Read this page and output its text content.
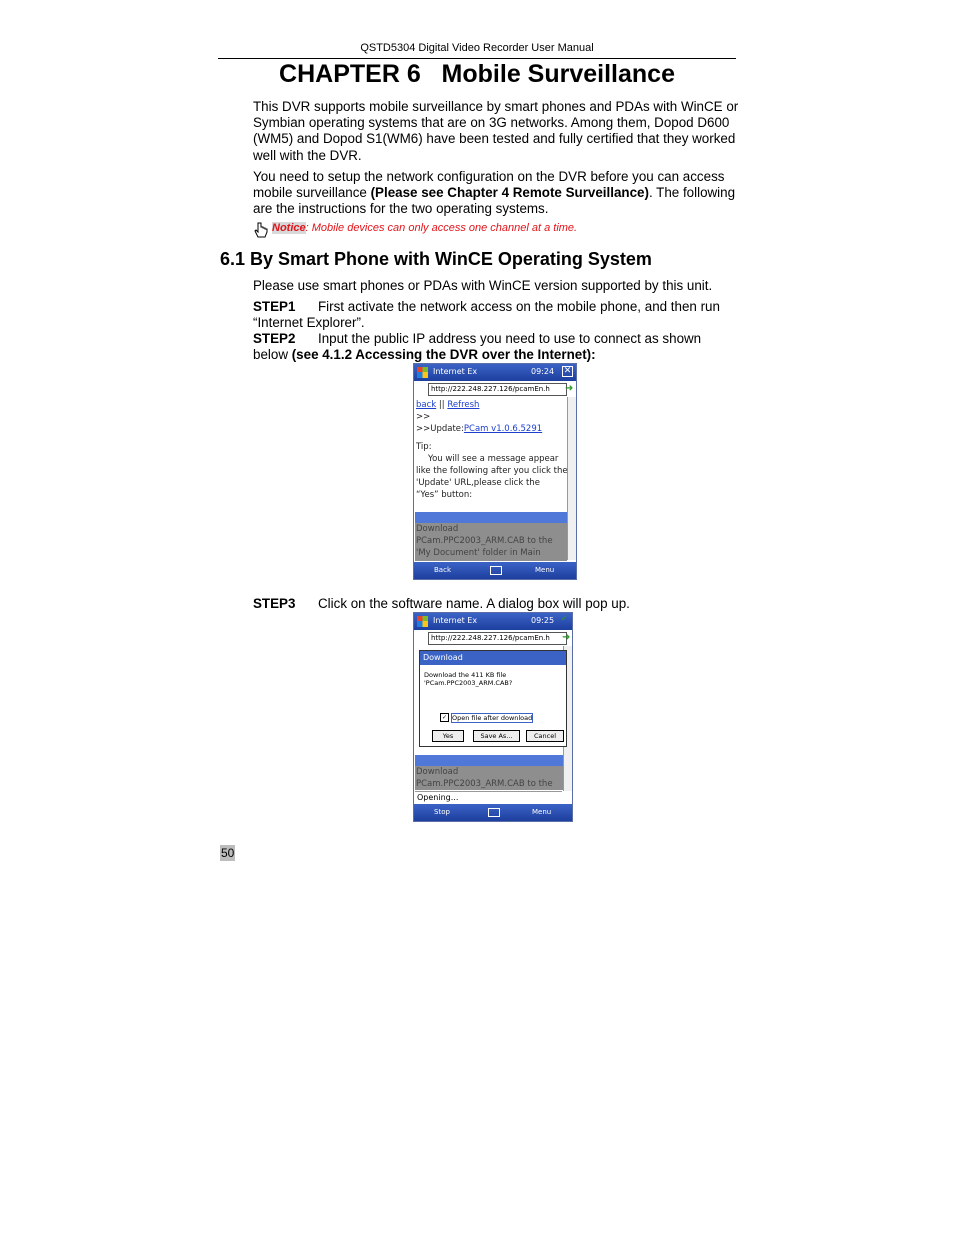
QSTD5304 Digital Video Recorder User Manual
CHAPTER 6   Mobile Surveillance
This DVR supports mobile surveillance by smart phones and PDAs with WinCE or Symbian operating systems that are on 3G networks. Among them, Dopod D600 (WM5) and Dopod S1(WM6) have been tested and fully certified that they worked well with the DVR.
You need to setup the network configuration on the DVR before you can access mobile surveillance (Please see Chapter 4 Remote Surveillance). The following are the instructions for the two operating systems.
Notice: Mobile devices can only access one channel at a time.
6.1 By Smart Phone with WinCE Operating System
Please use smart phones or PDAs with WinCE version supported by this unit.
STEP1 First activate the network access on the mobile phone, and then run “Internet Explorer”.
STEP2 Input the public IP address you need to use to connect as shown below (see 4.1.2 Accessing the DVR over the Internet):
Internet Ex	09:24 ✕
http://222.248.227.126/pcamEn.h	➜
back || Refresh
>>
>>Update:PCam v1.0.6.5291
Tip:
You will see a message appear
like the following after you click the
'Update' URL,please click the
“Yes” button:
Download
PCam.PPC2003_ARM.CAB to the
'My Document' folder in Main
Back	Menu
STEP3 Click on the software name. A dialog box will pop up.
Internet Ex	09:25 ✓
http://222.248.227.126/pcamEn.h	➜
Download
PCam.PPC2003_ARM.CAB to the
Download
Download the 411 KB file 'PCam.PPC2003_ARM.CAB?
✓ Open file after download
Yes	Save As...	Cancel
Opening...
Stop	Menu
50
